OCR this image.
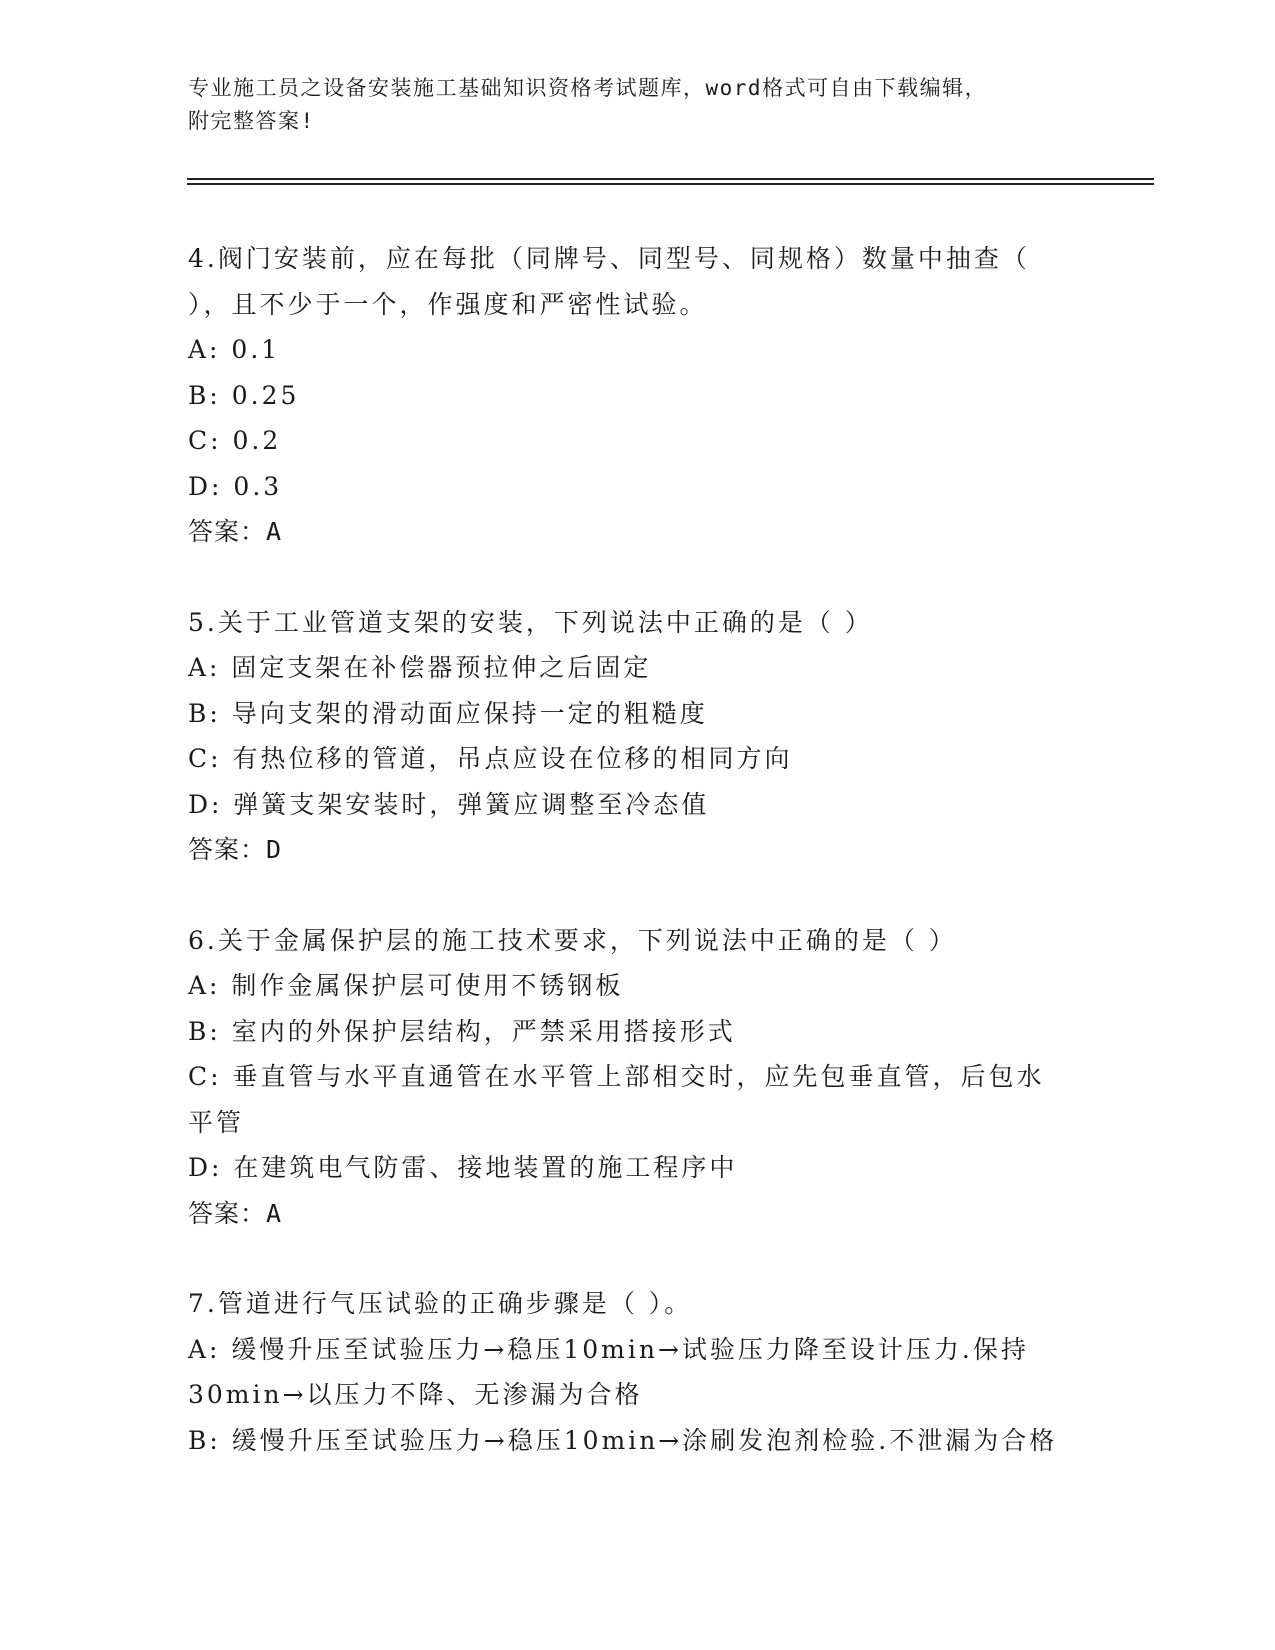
专业施工员之设备安装施工基础知识资格考试题库，word格式可自由下载编辑，
附完整答案!
4.阀门安装前，应在每批（同牌号、同型号、同规格）数量中抽查（
），且不少于一个，作强度和严密性试验。
A: 0.1
B: 0.25
C: 0.2
D: 0.3
答案：A
5.关于工业管道支架的安装，下列说法中正确的是（ ）
A: 固定支架在补偿器预拉伸之后固定
B: 导向支架的滑动面应保持一定的粗糙度
C: 有热位移的管道，吊点应设在位移的相同方向
D: 弹簧支架安装时，弹簧应调整至冷态值
答案：D
6.关于金属保护层的施工技术要求，下列说法中正确的是（ ）
A: 制作金属保护层可使用不锈钢板
B: 室内的外保护层结构，严禁采用搭接形式
C: 垂直管与水平直通管在水平管上部相交时，应先包垂直管，后包水
平管
D: 在建筑电气防雷、接地装置的施工程序中
答案：A
7.管道进行气压试验的正确步骤是（ ）。
A: 缓慢升压至试验压力→稳压10min→试验压力降至设计压力.保持
30min→以压力不降、无渗漏为合格
B: 缓慢升压至试验压力→稳压10min→涂刷发泡剂检验.不泄漏为合格
